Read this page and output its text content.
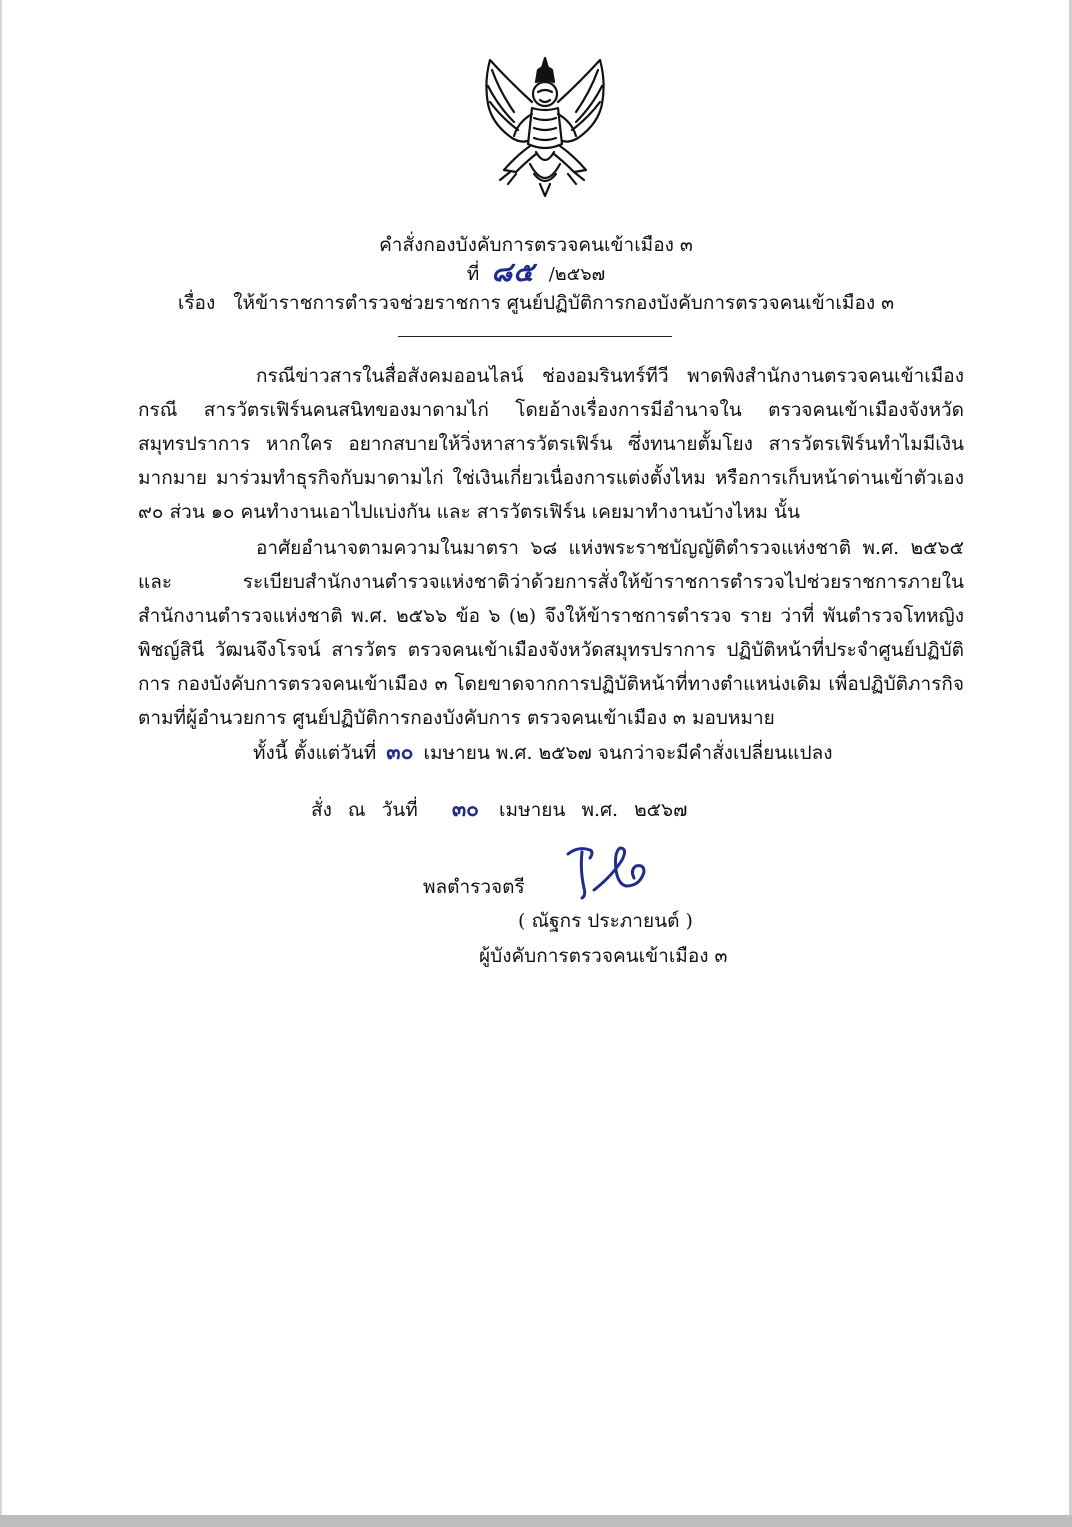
คำสั่งกองบังคับการตรวจคนเข้าเมือง ๓
ที่ ๘๕ /๒๕๖๗
เรื่อง ให้ข้าราชการตำรวจช่วยราชการ ศูนย์ปฏิบัติการกองบังคับการตรวจคนเข้าเมือง ๓
กรณีข่าวสารในสื่อสังคมออนไลน์ ช่องอมรินทร์ทีวี พาดพิงสำนักงานตรวจคนเข้าเมือง กรณี สารวัตรเฟิร์นคนสนิทของมาดามไก่ โดยอ้างเรื่องการมีอำนาจใน ตรวจคนเข้าเมืองจังหวัดสมุทรปราการ หากใคร อยากสบายให้วิ่งหาสารวัตรเฟิร์น ซึ่งทนายตั้มโยง สารวัตรเฟิร์นทำไมมีเงินมากมาย มาร่วมทำธุรกิจกับมาดามไก่ ใช่เงินเกี่ยวเนื่องการแต่งตั้งไหม หรือการเก็บหน้าด่านเข้าตัวเอง ๙๐ ส่วน ๑๐ คนทำงานเอาไปแบ่งกัน และ สารวัตรเฟิร์น เคยมาทำงานบ้างไหม นั้น
อาศัยอำนาจตามความในมาตรา ๖๘ แห่งพระราชบัญญัติตำรวจแห่งชาติ พ.ศ. ๒๕๖๕ และ ระเบียบสำนักงานตำรวจแห่งชาติว่าด้วยการสั่งให้ข้าราชการตำรวจไปช่วยราชการภายในสำนักงานตำรวจแห่งชาติ พ.ศ. ๒๕๖๖ ข้อ ๖ (๒) จึงให้ข้าราชการตำรวจ ราย ว่าที่ พันตำรวจโทหญิง พิชญ์สินี วัฒนจึงโรจน์ สารวัตร ตรวจคนเข้าเมืองจังหวัดสมุทรปราการ ปฏิบัติหน้าที่ประจำศูนย์ปฏิบัติการ กองบังคับการตรวจคนเข้าเมือง ๓ โดยขาดจากการปฏิบัติหน้าที่ทางตำแหน่งเดิม เพื่อปฏิบัติภารกิจตามที่ผู้อำนวยการ ศูนย์ปฏิบัติการกองบังคับการ ตรวจคนเข้าเมือง ๓ มอบหมาย
ทั้งนี้ ตั้งแต่วันที่ ๓๐ เมษายน พ.ศ. ๒๕๖๗ จนกว่าจะมีคำสั่งเปลี่ยนแปลง
สั่ง ณ วันที่ ๓๐ เมษายน พ.ศ. ๒๕๖๗
พลตำรวจตรี
( ณัฐกร ประภายนต์ )
ผู้บังคับการตรวจคนเข้าเมือง ๓
